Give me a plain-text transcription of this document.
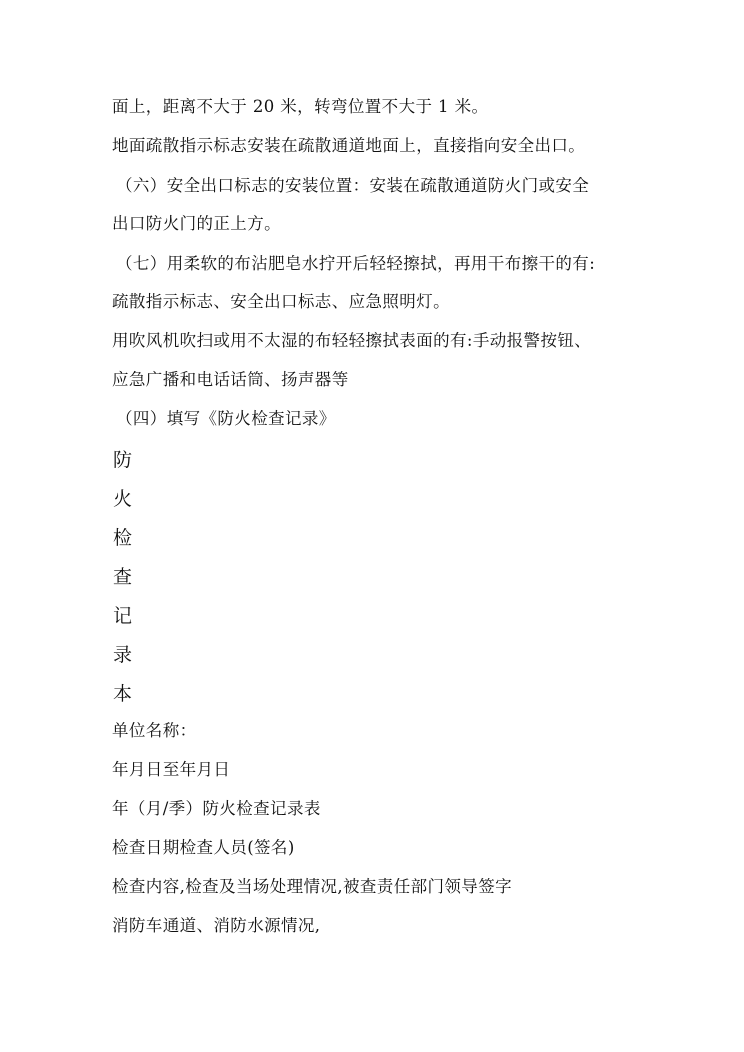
面上，距离不大于 20 米，转弯位置不大于 1 米。
地面疏散指示标志安装在疏散通道地面上，直接指向安全出口。
（六）安全出口标志的安装位置：安装在疏散通道防火门或安全
出口防火门的正上方。
（七）用柔软的布沾肥皂水拧开后轻轻擦拭，再用干布擦干的有:
疏散指示标志、安全出口标志、应急照明灯。
用吹风机吹扫或用不太湿的布轻轻擦拭表面的有:手动报警按钮、
应急广播和电话话筒、扬声器等
（四）填写《防火检查记录》
防
火
检
查
记
录
本
单位名称：
年月日至年月日
年（月/季）防火检查记录表
检查日期检查人员(签名)
检查内容,检查及当场处理情况,被查责任部门领导签字
消防车通道、消防水源情况,
